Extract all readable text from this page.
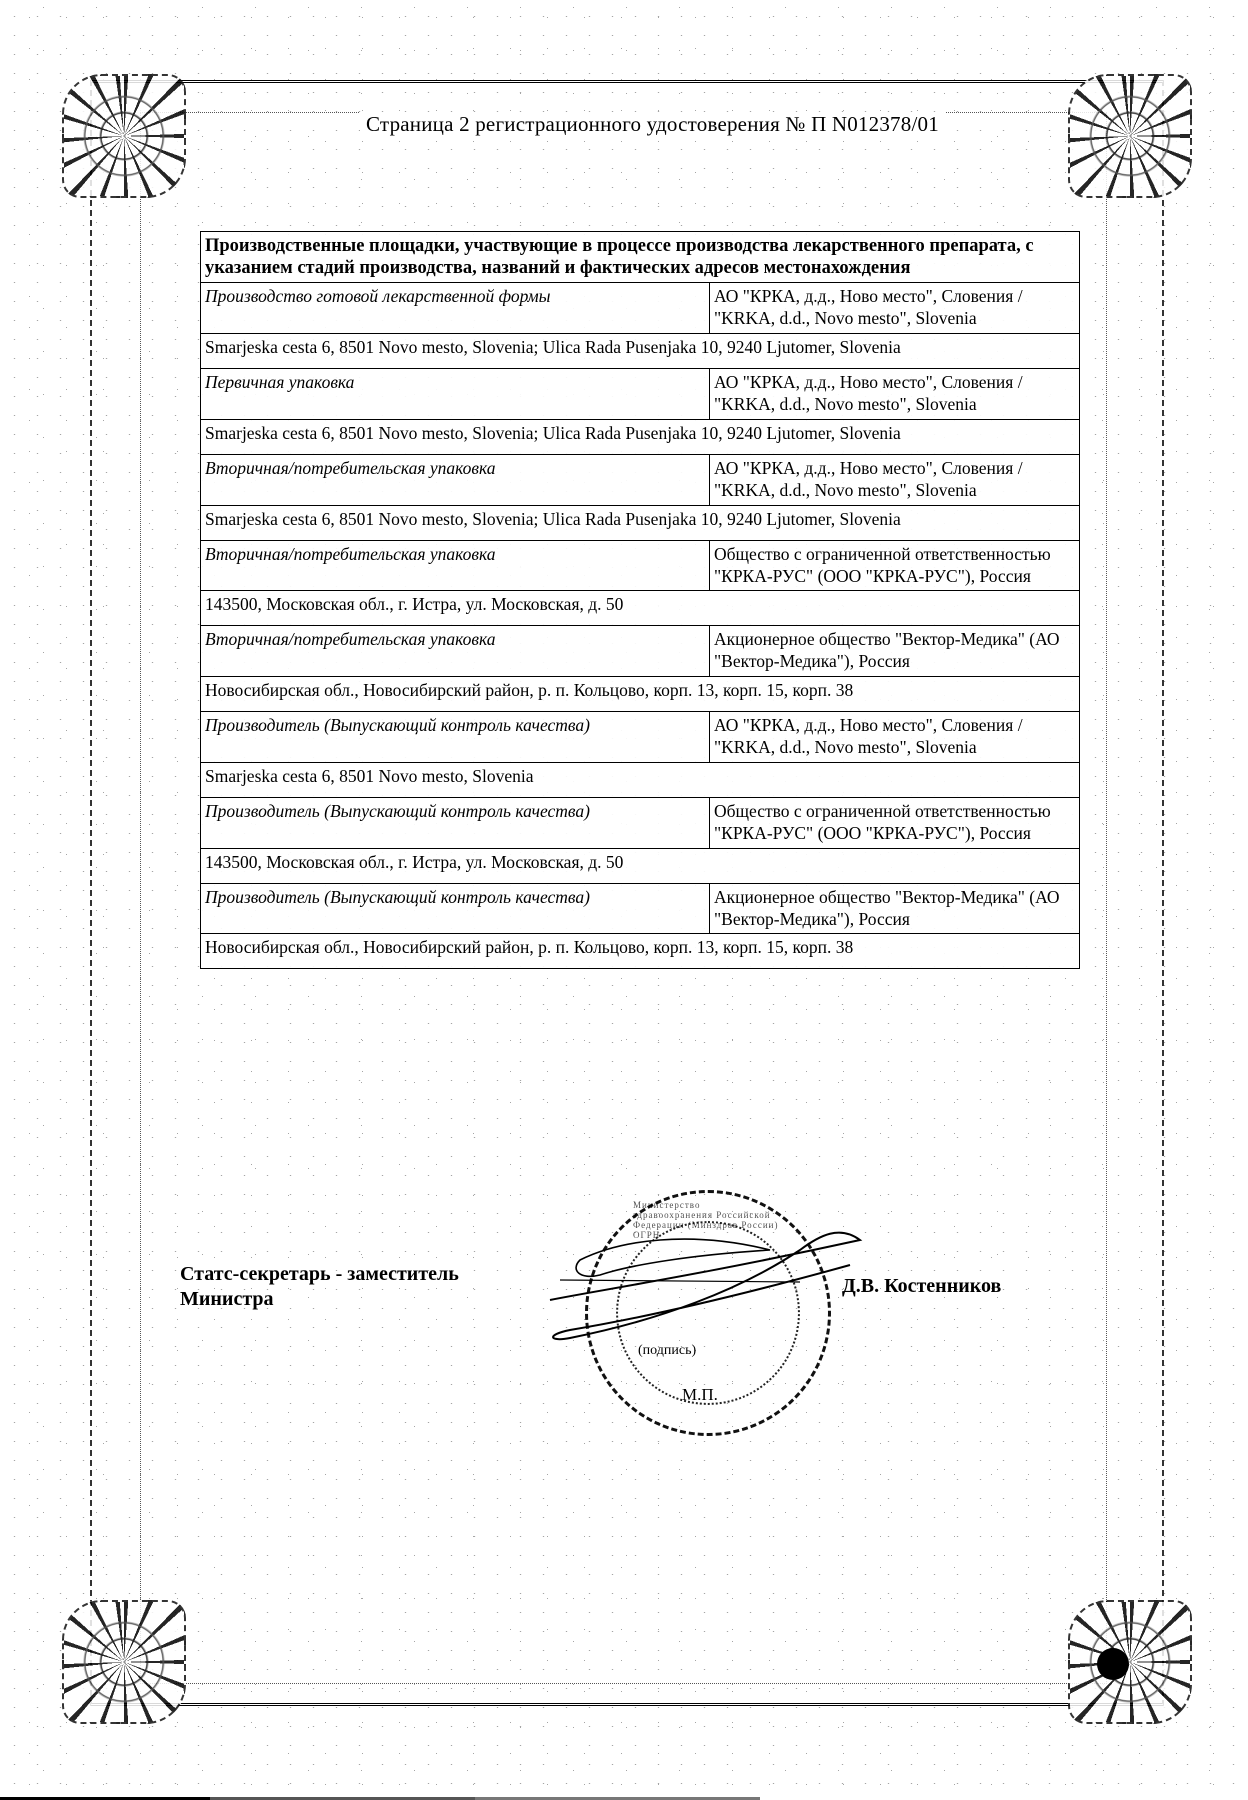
Страница 2 регистрационного удостоверения № П N012378/01
Производственные площадки, участвующие в процессе производства лекарственного препарата, с указанием стадий производства, названий и фактических адресов местонахождения	
Производство готовой лекарственной формы	АО "КРКА, д.д., Ново место", Словения / "KRKA, d.d., Novo mesto", Slovenia
Smarjeska cesta 6, 8501 Novo mesto, Slovenia; Ulica Rada Pusenjaka 10, 9240 Ljutomer, Slovenia	
Первичная упаковка	АО "КРКА, д.д., Ново место", Словения / "KRKA, d.d., Novo mesto", Slovenia
Smarjeska cesta 6, 8501 Novo mesto, Slovenia; Ulica Rada Pusenjaka 10, 9240 Ljutomer, Slovenia	
Вторичная/потребительская упаковка	АО "КРКА, д.д., Ново место", Словения / "KRKA, d.d., Novo mesto", Slovenia
Smarjeska cesta 6, 8501 Novo mesto, Slovenia; Ulica Rada Pusenjaka 10, 9240 Ljutomer, Slovenia	
Вторичная/потребительская упаковка	Общество с ограниченной ответственностью "КРКА-РУС" (ООО "КРКА-РУС"), Россия
143500, Московская обл., г. Истра, ул. Московская, д. 50	
Вторичная/потребительская упаковка	Акционерное общество "Вектор-Медика" (АО "Вектор-Медика"), Россия
Новосибирская обл., Новосибирский район, р. п. Кольцово, корп. 13, корп. 15, корп. 38	
Производитель (Выпускающий контроль качества)	АО "КРКА, д.д., Ново место", Словения / "KRKA, d.d., Novo mesto", Slovenia
Smarjeska cesta 6, 8501 Novo mesto, Slovenia	
Производитель (Выпускающий контроль качества)	Общество с ограниченной ответственностью "КРКА-РУС" (ООО "КРКА-РУС"), Россия
143500, Московская обл., г. Истра, ул. Московская, д. 50	
Производитель (Выпускающий контроль качества)	Акционерное общество "Вектор-Медика" (АО "Вектор-Медика"), Россия
Новосибирская обл., Новосибирский район, р. п. Кольцово, корп. 13, корп. 15, корп. 38	
Статс-секретарь - заместитель
Министра
Министерство здравоохранения Российской Федерации (Минздрав России) ОГРН
(подпись)
М.П.
Д.В. Костенников
